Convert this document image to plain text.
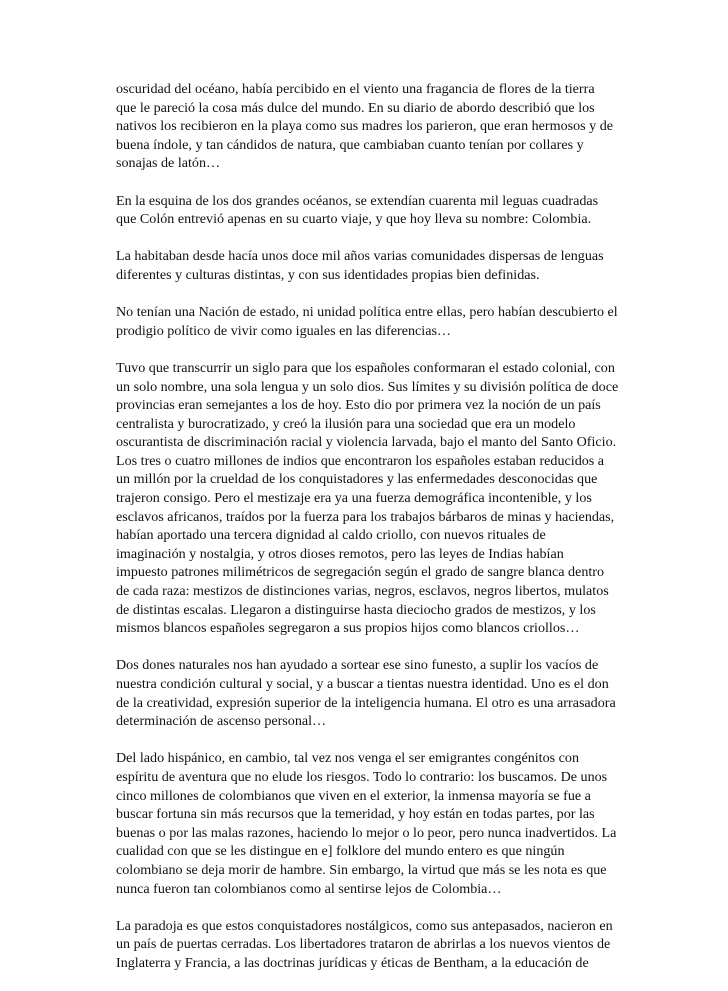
oscuridad del océano, había percibido en el viento una fragancia de flores de la tierra
que le pareció la cosa más dulce del mundo. En su diario de abordo describió que los
nativos los recibieron en la playa como sus madres los parieron, que eran hermosos y de
buena índole, y tan cándidos de natura, que cambiaban cuanto tenían por collares y
sonajas de latón…

En la esquina de los dos grandes océanos, se extendían cuarenta mil leguas cuadradas
que Colón entrevió apenas en su cuarto viaje, y que hoy lleva su nombre: Colombia.

La habitaban desde hacía unos doce mil años varias comunidades dispersas de lenguas
diferentes y culturas distintas, y con sus identidades propias bien definidas.

No tenían una Nación de estado, ni unidad política entre ellas, pero habían descubierto el
prodigio político de vivir como iguales en las diferencias…

Tuvo que transcurrir un siglo para que los españoles conformaran el estado colonial, con
un solo nombre, una sola lengua y un solo dios. Sus límites y su división política de doce
provincias eran semejantes a los de hoy. Esto dio por primera vez la noción de un país
centralista y burocratizado, y creó la ilusión para una sociedad que era un modelo
oscurantista de discriminación racial y violencia larvada, bajo el manto del Santo Oficio.
Los tres o cuatro millones de indios que encontraron los españoles estaban reducidos a
un millón por la crueldad de los conquistadores y las enfermedades desconocidas que
trajeron consigo. Pero el mestizaje era ya una fuerza demográfica incontenible, y los
esclavos africanos, traídos por la fuerza para los trabajos bárbaros de minas y haciendas,
habían aportado una tercera dignidad al caldo criollo, con nuevos rituales de
imaginación y nostalgia, y otros dioses remotos, pero las leyes de Indias habían
impuesto patrones milimétricos de segregación según el grado de sangre blanca dentro
de cada raza: mestizos de distinciones varias, negros, esclavos, negros libertos, mulatos
de distintas escalas. Llegaron a distinguirse hasta dieciocho grados de mestizos, y los
mismos blancos españoles segregaron a sus propios hijos como blancos criollos…

Dos dones naturales nos han ayudado a sortear ese sino funesto, a suplir los vacíos de
nuestra condición cultural y social, y a buscar a tientas nuestra identidad. Uno es el don
de la creatividad, expresión superior de la inteligencia humana. El otro es una arrasadora
determinación de ascenso personal…

Del lado hispánico, en cambio, tal vez nos venga el ser emigrantes congénitos con
espíritu de aventura que no elude los riesgos. Todo lo contrario: los buscamos. De unos
cinco millones de colombianos que viven en el exterior, la inmensa mayoría se fue a
buscar fortuna sin más recursos que la temeridad, y hoy están en todas partes, por las
buenas o por las malas razones, haciendo lo mejor o lo peor, pero nunca inadvertidos. La
cualidad con que se les distingue en e] folklore del mundo entero es que ningún
colombiano se deja morir de hambre. Sin embargo, la virtud que más se les nota es que
nunca fueron tan colombianos como al sentirse lejos de Colombia…

La paradoja es que estos conquistadores nostálgicos, como sus antepasados, nacieron en
un país de puertas cerradas. Los libertadores trataron de abrirlas a los nuevos vientos de
Inglaterra y Francia, a las doctrinas jurídicas y éticas de Bentham, a la educación de
